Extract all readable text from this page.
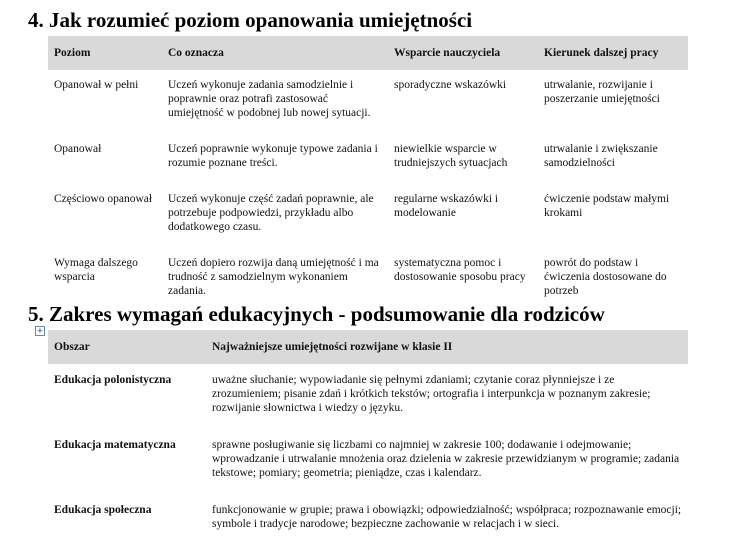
4. Jak rozumieć poziom opanowania umiejętności
Poziom	Co oznacza	Wsparcie nauczyciela	Kierunek dalszej pracy
Opanował w pełni	Uczeń wykonuje zadania samodzielnie i poprawnie oraz potrafi zastosować umiejętność w podobnej lub nowej sytuacji.	sporadyczne wskazówki	utrwalanie, rozwijanie i poszerzanie umiejętności
Opanował	Uczeń poprawnie wykonuje typowe zadania i rozumie poznane treści.	niewielkie wsparcie w trudniejszych sytuacjach	utrwalanie i zwiększanie samodzielności
Częściowo opanował	Uczeń wykonuje część zadań poprawnie, ale potrzebuje podpowiedzi, przykładu albo dodatkowego czasu.	regularne wskazówki i modelowanie	ćwiczenie podstaw małymi krokami
Wymaga dalszego wsparcia	Uczeń dopiero rozwija daną umiejętność i ma trudność z samodzielnym wykonaniem zadania.	systematyczna pomoc i dostosowanie sposobu pracy	powrót do podstaw i ćwiczenia dostosowane do potrzeb
5. Zakres wymagań edukacyjnych - podsumowanie dla rodziców
+
Obszar	Najważniejsze umiejętności rozwijane w klasie II
Edukacja polonistyczna	uważne słuchanie; wypowiadanie się pełnymi zdaniami; czytanie coraz płynniejsze i ze zrozumieniem; pisanie zdań i krótkich tekstów; ortografia i interpunkcja w poznanym zakresie; rozwijanie słownictwa i wiedzy o języku.
Edukacja matematyczna	sprawne posługiwanie się liczbami co najmniej w zakresie 100; dodawanie i odejmowanie; wprowadzanie i utrwalanie mnożenia oraz dzielenia w zakresie przewidzianym w programie; zadania tekstowe; pomiary; geometria; pieniądze, czas i kalendarz.
Edukacja społeczna	funkcjonowanie w grupie; prawa i obowiązki; odpowiedzialność; współpraca; rozpoznawanie emocji; symbole i tradycje narodowe; bezpieczne zachowanie w relacjach i w sieci.
